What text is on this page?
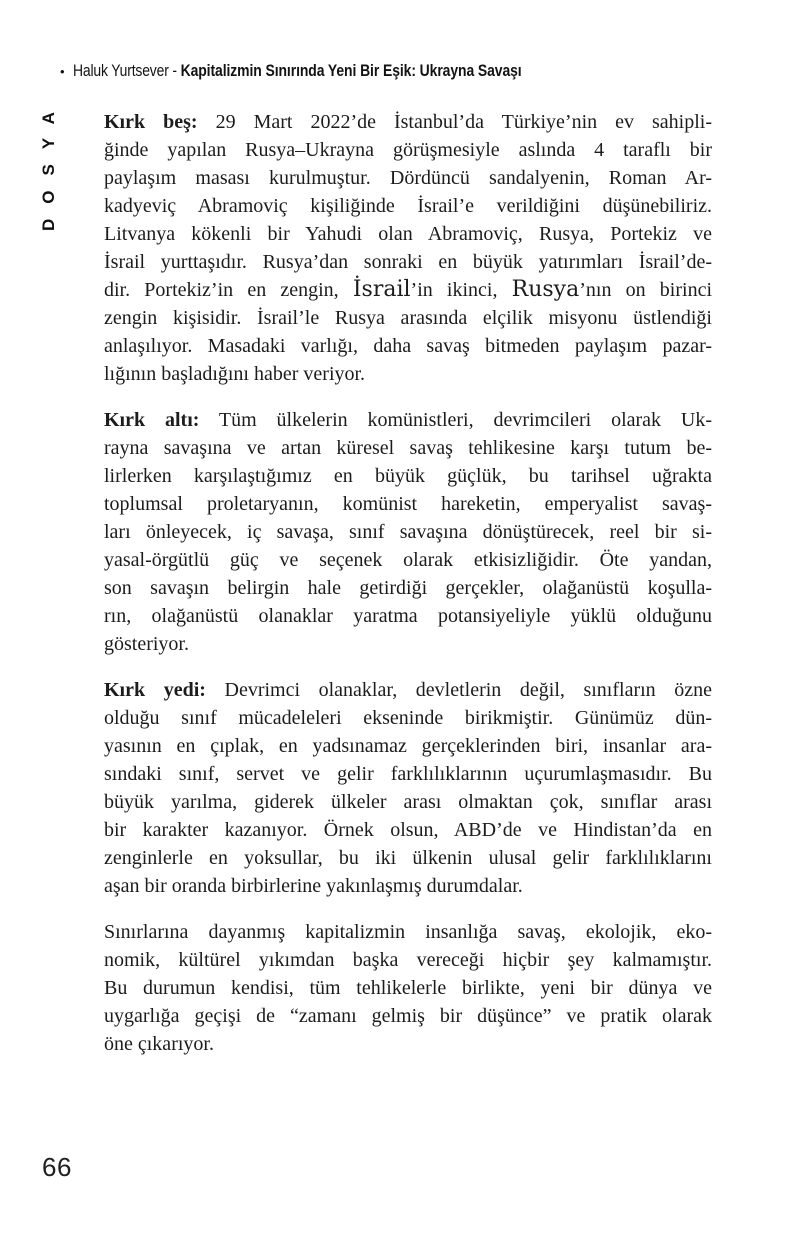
• Haluk Yurtsever - Kapitalizmin Sınırında Yeni Bir Eşik: Ukrayna Savaşı
DOSYA Kırk beş: 29 Mart 2022’de İstanbul’da Türkiye’nin ev sahipli-
ğinde yapılan Rusya–Ukrayna görüşmesiyle aslında 4 taraflı bir
paylaşım masası kurulmuştur. Dördüncü sandalyenin, Roman Ar-
kadyeviç Abramoviç kişiliğinde İsrail’e verildiğini düşünebiliriz.
Litvanya kökenli bir Yahudi olan Abramoviç, Rusya, Portekiz ve
İsrail yurttaşıdır. Rusya’dan sonraki en büyük yatırımları İsrail’de-
dir. Portekiz’in en zengin, İsrail’in ikinci, Rusya’nın on birinci
zengin kişisidir. İsrail’le Rusya arasında elçilik misyonu üstlendiği
anlaşılıyor. Masadaki varlığı, daha savaş bitmeden paylaşım pazar-
lığının başladığını haber veriyor.
Kırk altı: Tüm ülkelerin komünistleri, devrimcileri olarak Uk-
rayna savaşına ve artan küresel savaş tehlikesine karşı tutum be-
lirlerken karşılaştığımız en büyük güçlük, bu tarihsel uğrakta
toplumsal proletaryanın, komünist hareketin, emperyalist savaş-
ları önleyecek, iç savaşa, sınıf savaşına dönüştürecek, reel bir si-
yasal-örgütlü güç ve seçenek olarak etkisizliğidir. Öte yandan,
son savaşın belirgin hale getirdiği gerçekler, olağanüstü koşulla-
rın, olağanüstü olanaklar yaratma potansiyeliyle yüklü olduğunu
gösteriyor.
Kırk yedi: Devrimci olanaklar, devletlerin değil, sınıfların özne
olduğu sınıf mücadeleleri ekseninde birikmiştir. Günümüz dün-
yasının en çıplak, en yadsınamaz gerçeklerinden biri, insanlar ara-
sındaki sınıf, servet ve gelir farklılıklarının uçurumlaşmasıdır. Bu
büyük yarılma, giderek ülkeler arası olmaktan çok, sınıflar arası
bir karakter kazanıyor. Örnek olsun, ABD’de ve Hindistan’da en
zenginlerle en yoksullar, bu iki ülkenin ulusal gelir farklılıklarını
aşan bir oranda birbirlerine yakınlaşmış durumdalar.
Sınırlarına dayanmış kapitalizmin insanlığa savaş, ekolojik, eko-
nomik, kültürel yıkımdan başka vereceği hiçbir şey kalmamıştır.
Bu durumun kendisi, tüm tehlikelerle birlikte, yeni bir dünya ve
uygarlığa geçişi de “zamanı gelmiş bir düşünce” ve pratik olarak
öne çıkarıyor.
66
